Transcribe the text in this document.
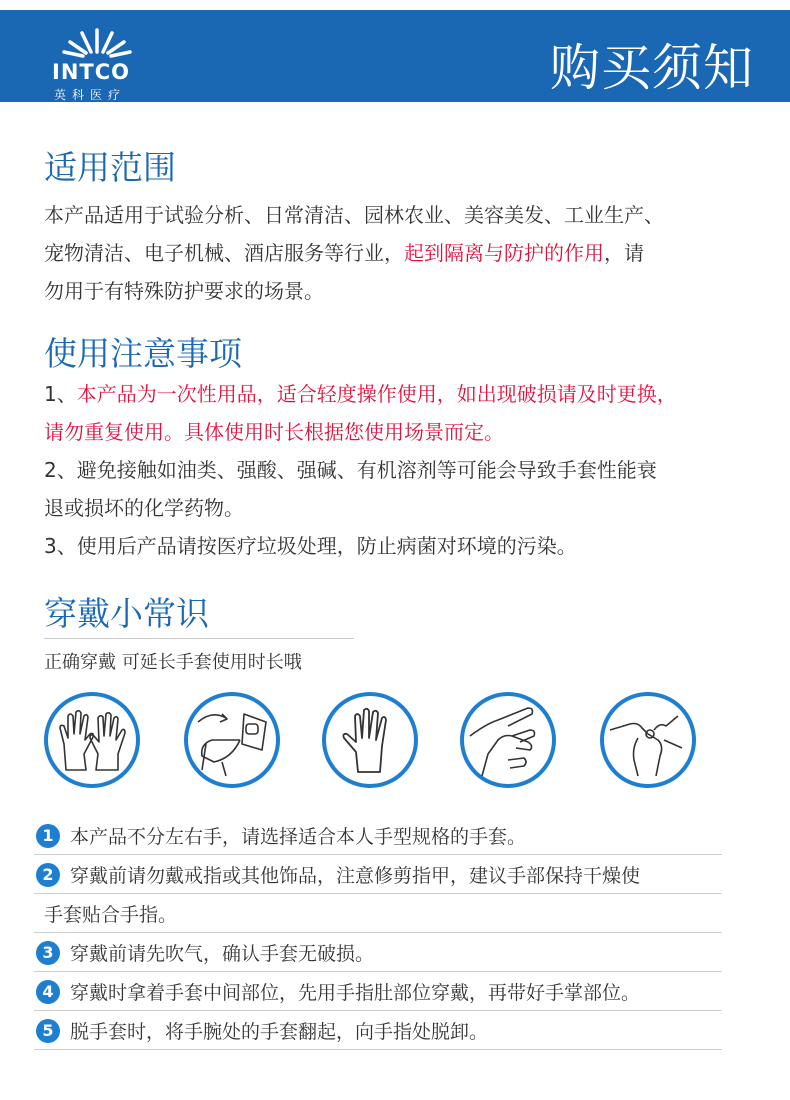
INTCO
英科医疗	购买须知
适用范围
本产品适用于试验分析、日常清洁、园林农业、美容美发、工业生产、
宠物清洁、电子机械、酒店服务等行业，起到隔离与防护的作用，请
勿用于有特殊防护要求的场景。
使用注意事项
1、本产品为一次性用品，适合轻度操作使用，如出现破损请及时更换，
请勿重复使用。具体使用时长根据您使用场景而定。
2、避免接触如油类、强酸、强碱、有机溶剂等可能会导致手套性能衰
退或损坏的化学药物。
3、使用后产品请按医疗垃圾处理，防止病菌对环境的污染。
穿戴小常识
正确穿戴 可延长手套使用时长哦
1 本产品不分左右手，请选择适合本人手型规格的手套。
2 穿戴前请勿戴戒指或其他饰品，注意修剪指甲，建议手部保持干燥使
手套贴合手指。
3 穿戴前请先吹气，确认手套无破损。
4 穿戴时拿着手套中间部位，先用手指肚部位穿戴，再带好手掌部位。
5 脱手套时，将手腕处的手套翻起，向手指处脱卸。
